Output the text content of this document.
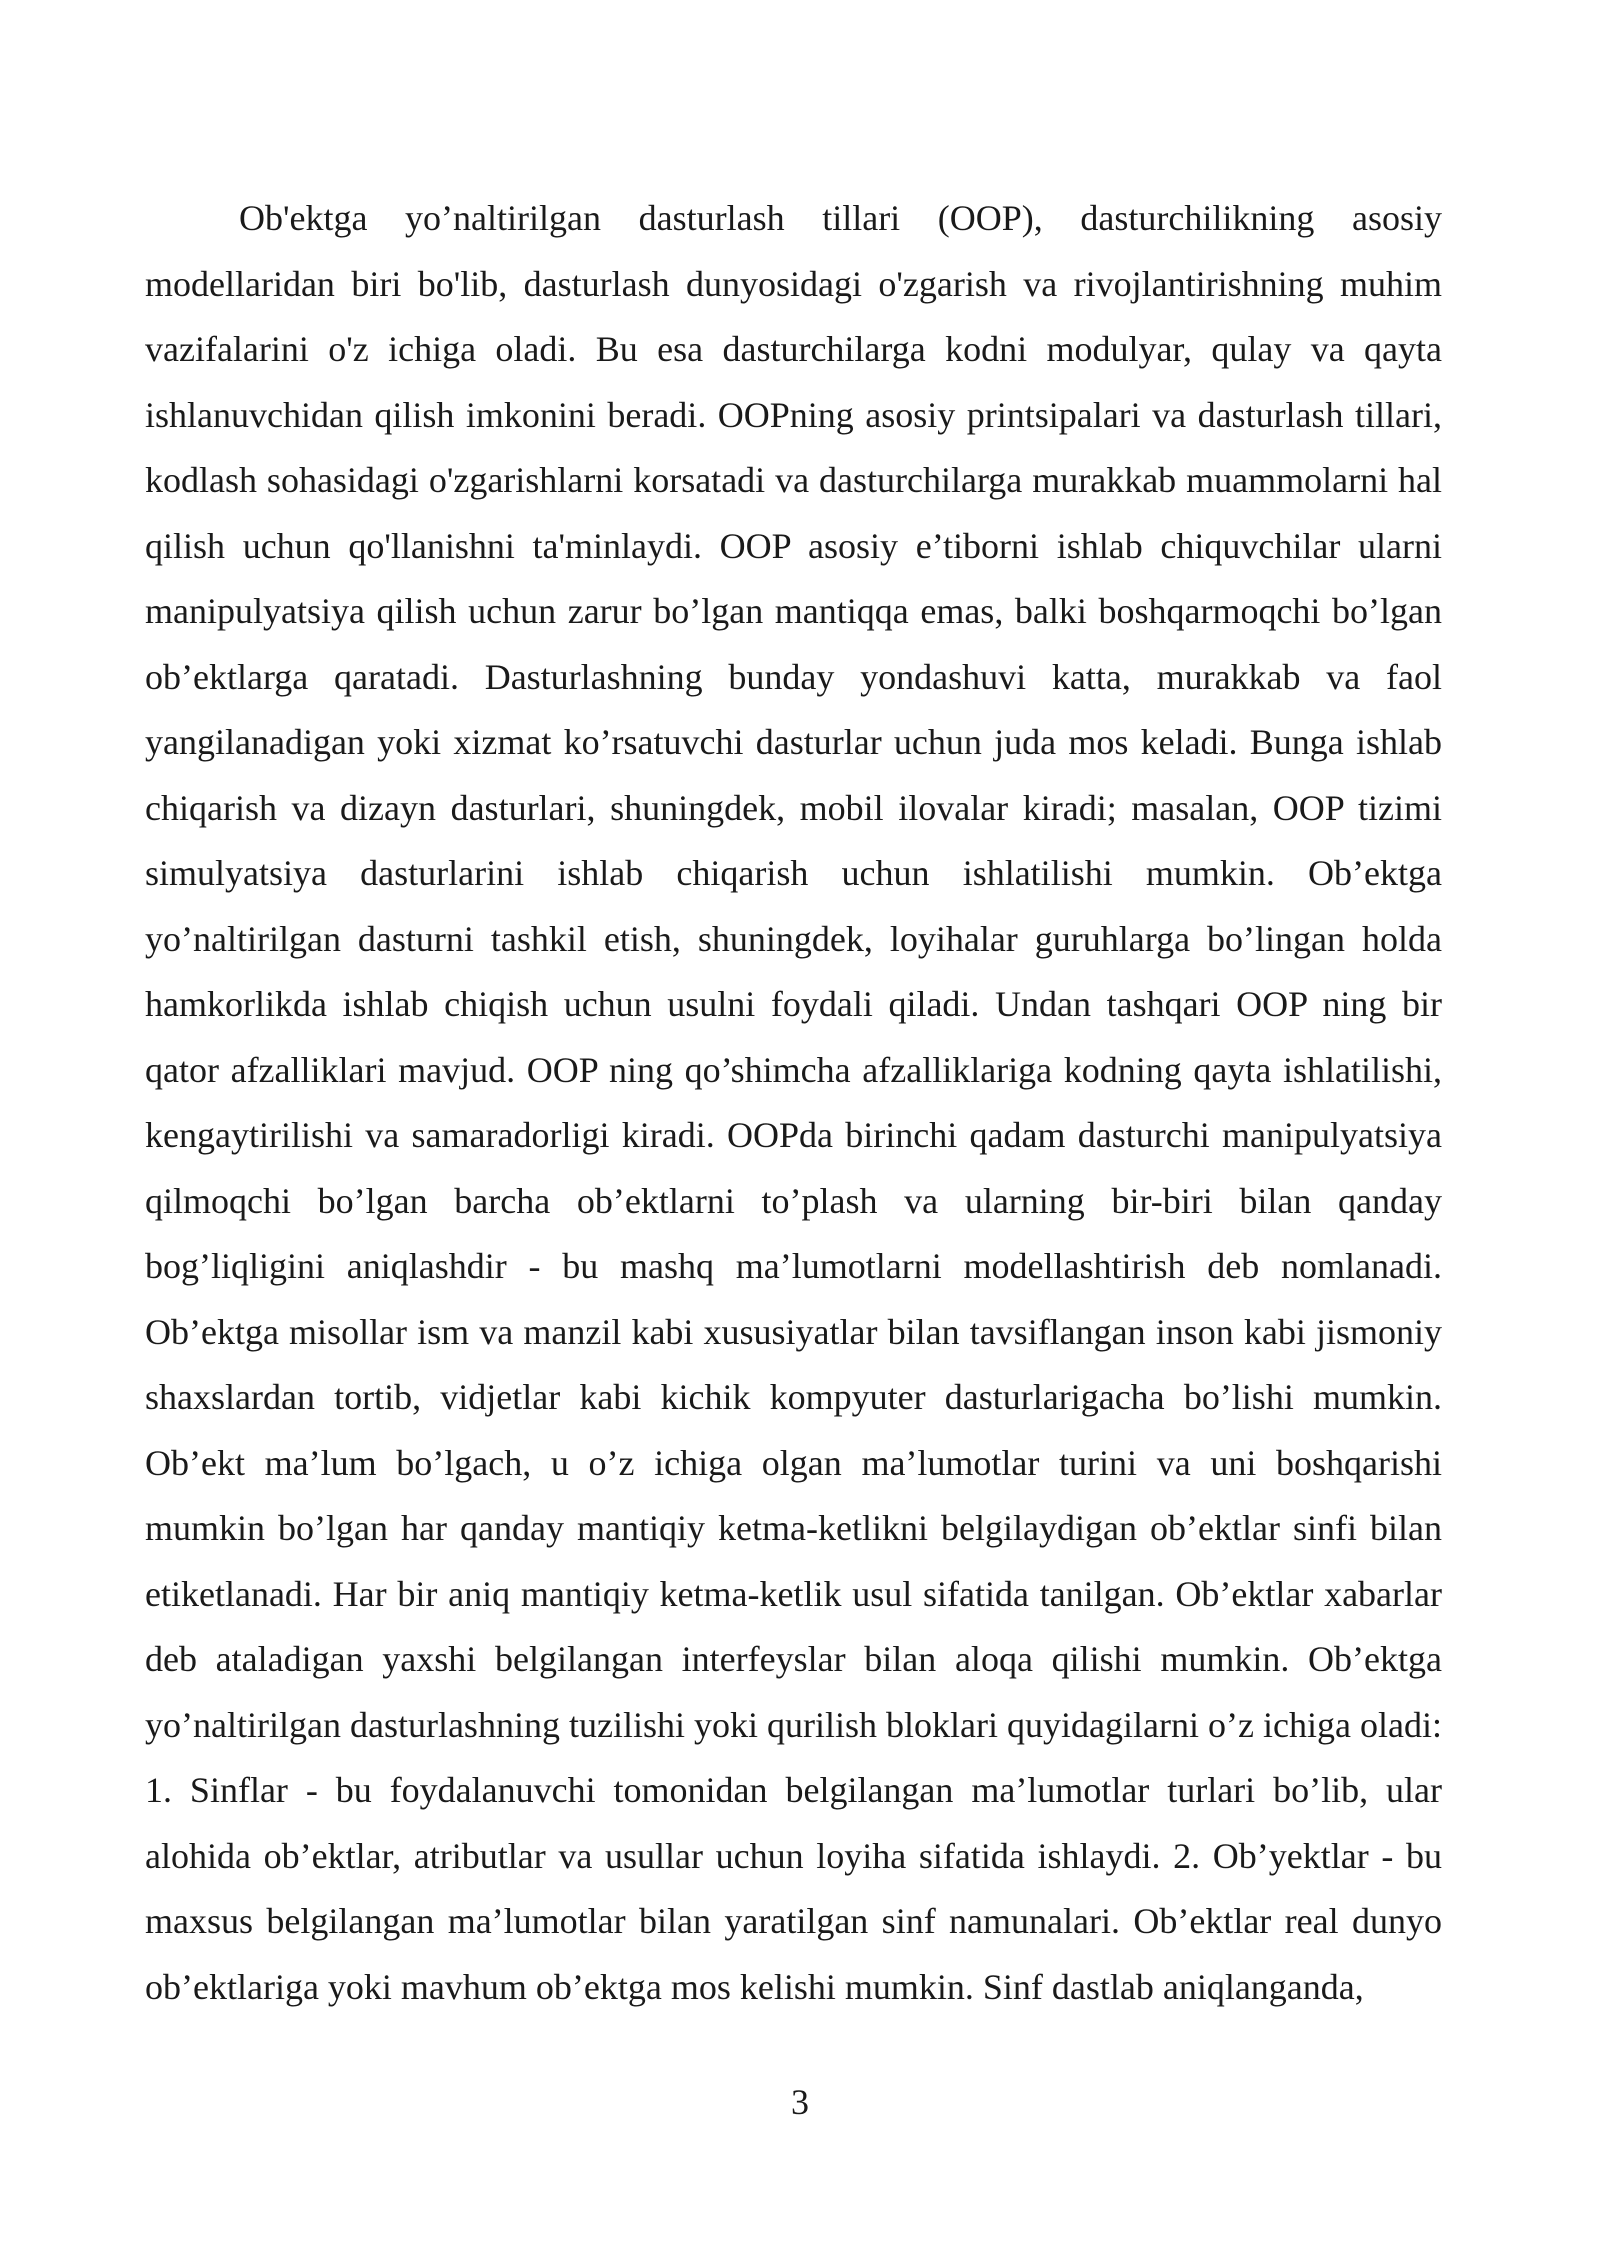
Ob'ektga yo’naltirilgan dasturlash tillari (OOP), dasturchilikning asosiy modellaridan biri bo'lib, dasturlash dunyosidagi o'zgarish va rivojlantirishning muhim vazifalarini o'z ichiga oladi. Bu esa dasturchilarga kodni modulyar, qulay va qayta ishlanuvchidan qilish imkonini beradi. OOPning asosiy printsipalari va dasturlash tillari, kodlash sohasidagi o'zgarishlarni korsatadi va dasturchilarga murakkab muammolarni hal qilish uchun qo'llanishni ta'minlaydi. OOP asosiy e’tiborni ishlab chiquvchilar ularni manipulyatsiya qilish uchun zarur bo’lgan mantiqqa emas, balki boshqarmoqchi bo’lgan ob’ektlarga qaratadi. Dasturlashning bunday yondashuvi katta, murakkab va faol yangilanadigan yoki xizmat ko’rsatuvchi dasturlar uchun juda mos keladi. Bunga ishlab chiqarish va dizayn dasturlari, shuningdek, mobil ilovalar kiradi; masalan, OOP tizimi simulyatsiya dasturlarini ishlab chiqarish uchun ishlatilishi mumkin. Ob’ektga yo’naltirilgan dasturni tashkil etish, shuningdek, loyihalar guruhlarga bo’lingan holda hamkorlikda ishlab chiqish uchun usulni foydali qiladi. Undan tashqari OOP ning bir qator afzalliklari mavjud. OOP ning qo’shimcha afzalliklariga kodning qayta ishlatilishi, kengaytirilishi va samaradorligi kiradi. OOPda birinchi qadam dasturchi manipulyatsiya qilmoqchi bo’lgan barcha ob’ektlarni to’plash va ularning bir-biri bilan qanday bog’liqligini aniqlashdir - bu mashq ma’lumotlarni modellashtirish deb nomlanadi. Ob’ektga misollar ism va manzil kabi xususiyatlar bilan tavsiflangan inson kabi jismoniy shaxslardan tortib, vidjetlar kabi kichik kompyuter dasturlarigacha bo’lishi mumkin. Ob’ekt ma’lum bo’lgach, u o’z ichiga olgan ma’lumotlar turini va uni boshqarishi mumkin bo’lgan har qanday mantiqiy ketma-ketlikni belgilaydigan ob’ektlar sinfi bilan etiketlanadi. Har bir aniq mantiqiy ketma-ketlik usul sifatida tanilgan. Ob’ektlar xabarlar deb ataladigan yaxshi belgilangan interfeyslar bilan aloqa qilishi mumkin. Ob’ektga yo’naltirilgan dasturlashning tuzilishi yoki qurilish bloklari quyidagilarni o’z ichiga oladi: 1. Sinflar - bu foydalanuvchi tomonidan belgilangan ma’lumotlar turlari bo’lib, ular alohida ob’ektlar, atributlar va usullar uchun loyiha sifatida ishlaydi. 2. Ob’yektlar - bu maxsus belgilangan ma’lumotlar bilan yaratilgan sinf namunalari. Ob’ektlar real dunyo ob’ektlariga yoki mavhum ob’ektga mos kelishi mumkin. Sinf dastlab aniqlanganda,

3
